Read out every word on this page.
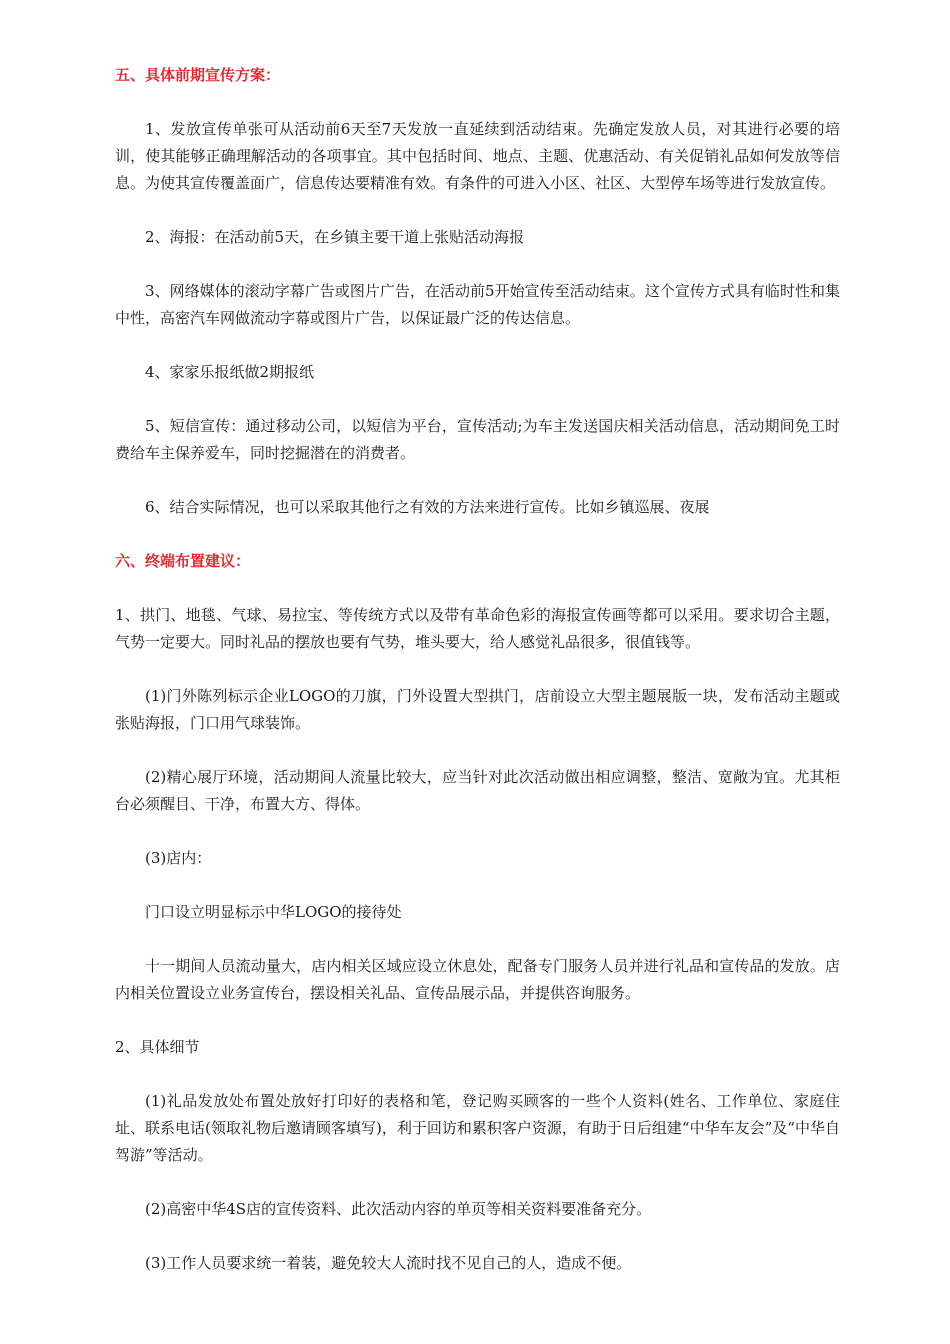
五、具体前期宣传方案：

1、发放宣传单张可从活动前6天至7天发放一直延续到活动结束。先确定发放人员，对其进行必要的培训，使其能够正确理解活动的各项事宜。其中包括时间、地点、主题、优惠活动、有关促销礼品如何发放等信息。为使其宣传覆盖面广，信息传达要精准有效。有条件的可进入小区、社区、大型停车场等进行发放宣传。

2、海报：在活动前5天，在乡镇主要干道上张贴活动海报

3、网络媒体的滚动字幕广告或图片广告，在活动前5开始宣传至活动结束。这个宣传方式具有临时性和集中性，高密汽车网做流动字幕或图片广告，以保证最广泛的传达信息。

4、家家乐报纸做2期报纸

5、短信宣传：通过移动公司，以短信为平台，宣传活动;为车主发送国庆相关活动信息，活动期间免工时费给车主保养爱车，同时挖掘潜在的消费者。

6、结合实际情况，也可以采取其他行之有效的方法来进行宣传。比如乡镇巡展、夜展

六、终端布置建议：

1、拱门、地毯、气球、易拉宝、等传统方式以及带有革命色彩的海报宣传画等都可以采用。要求切合主题，气势一定要大。同时礼品的摆放也要有气势，堆头要大，给人感觉礼品很多，很值钱等。

(1)门外陈列标示企业LOGO的刀旗，门外设置大型拱门，店前设立大型主题展版一块，发布活动主题或张贴海报，门口用气球装饰。

(2)精心展厅环境，活动期间人流量比较大，应当针对此次活动做出相应调整，整洁、宽敞为宜。尤其柜台必须醒目、干净，布置大方、得体。

(3)店内：

门口设立明显标示中华LOGO的接待处

十一期间人员流动量大，店内相关区域应设立休息处，配备专门服务人员并进行礼品和宣传品的发放。店内相关位置设立业务宣传台，摆设相关礼品、宣传品展示品，并提供咨询服务。

2、具体细节

(1)礼品发放处布置处放好打印好的表格和笔，登记购买顾客的一些个人资料(姓名、工作单位、家庭住址、联系电话(领取礼物后邀请顾客填写)，利于回访和累积客户资源，有助于日后组建“中华车友会”及“中华自驾游”等活动。

(2)高密中华4S店的宣传资料、此次活动内容的单页等相关资料要准备充分。

(3)工作人员要求统一着装，避免较大人流时找不见自己的人，造成不便。
